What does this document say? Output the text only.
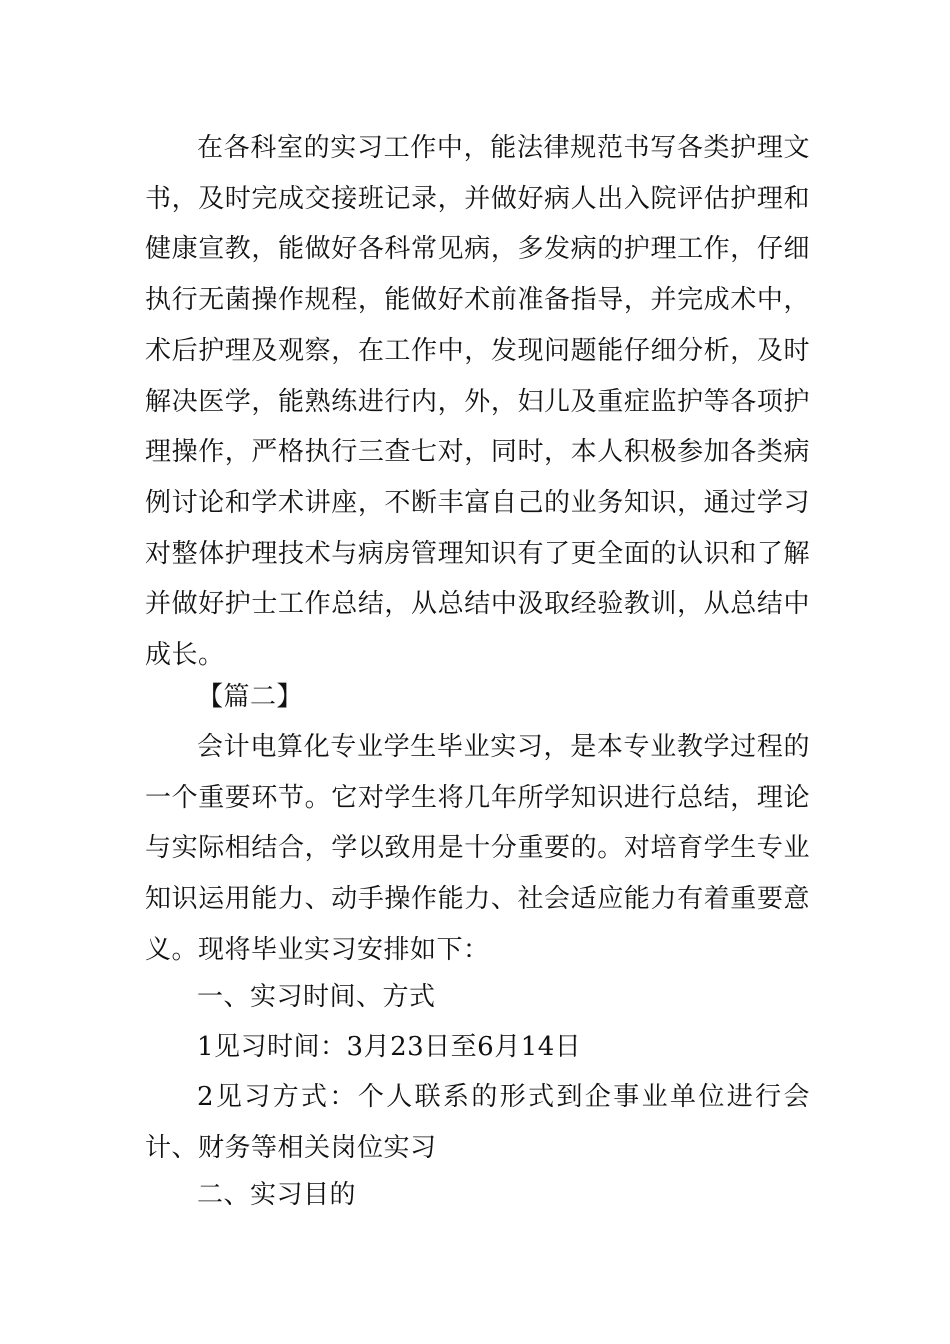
在各科室的实习工作中，能法律规范书写各类护理文书，及时完成交接班记录，并做好病人出入院评估护理和健康宣教，能做好各科常见病，多发病的护理工作，仔细执行无菌操作规程，能做好术前准备指导，并完成术中，术后护理及观察，在工作中，发现问题能仔细分析，及时解决医学，能熟练进行内，外，妇儿及重症监护等各项护理操作，严格执行三查七对，同时，本人积极参加各类病例讨论和学术讲座，不断丰富自己的业务知识，通过学习对整体护理技术与病房管理知识有了更全面的认识和了解并做好护士工作总结，从总结中汲取经验教训，从总结中成长。

【篇二】

会计电算化专业学生毕业实习，是本专业教学过程的一个重要环节。它对学生将几年所学知识进行总结，理论与实际相结合，学以致用是十分重要的。对培育学生专业知识运用能力、动手操作能力、社会适应能力有着重要意义。现将毕业实习安排如下：

一、实习时间、方式

1见习时间：3月23日至6月14日

2见习方式：个人联系的形式到企事业单位进行会计、财务等相关岗位实习

二、实习目的
